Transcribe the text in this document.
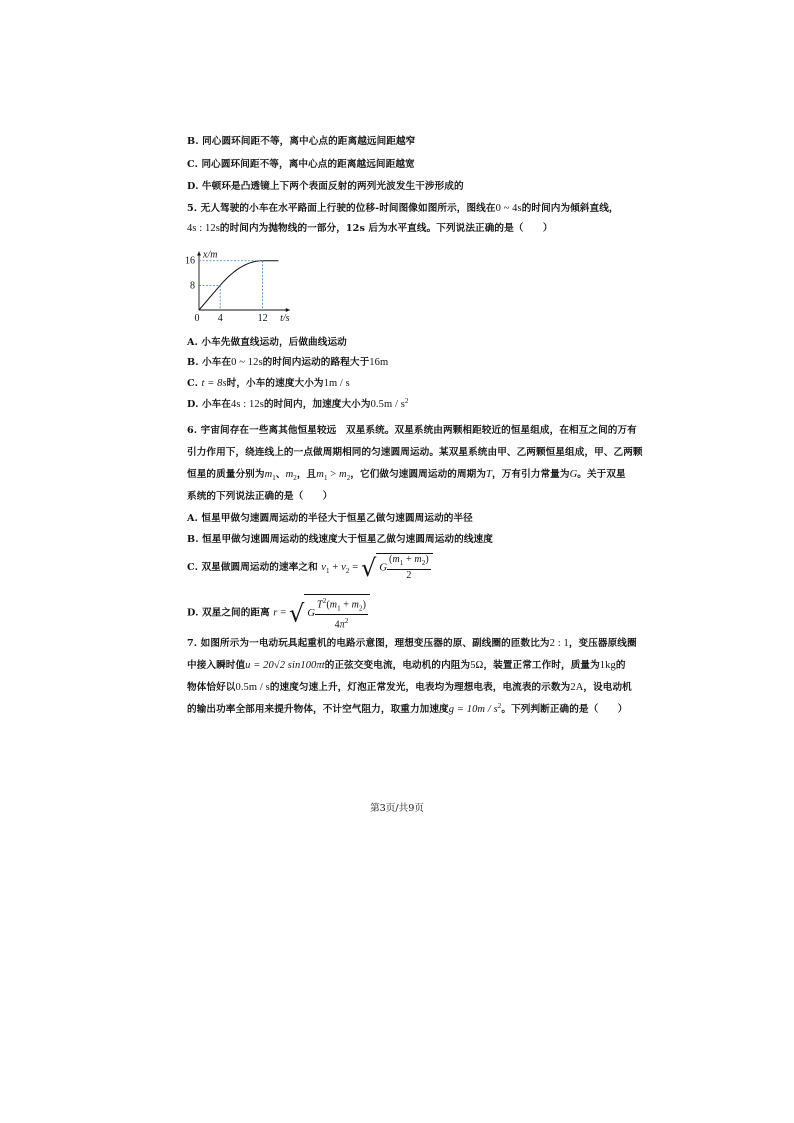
B. 同心圆环间距不等，离中心点的距离越远间距越窄
C. 同心圆环间距不等，离中心点的距离越远间距越宽
D. 牛顿环是凸透镜上下两个表面反射的两列光波发生干涉形成的
5. 无人驾驶的小车在水平路面上行驶的位移-时间图像如图所示，图线在0 ~ 4s的时间内为倾斜直线，
4s : 12s的时间内为抛物线的一部分，12s 后为水平直线。下列说法正确的是（　　）
0 4	12
8
16
t/s
x/m
A. 小车先做直线运动，后做曲线运动
B. 小车在0 ~ 12s的时间内运动的路程大于16m
C. t = 8s时，小车的速度大小为1m / s
D. 小车在4s : 12s的时间内，加速度大小为$0.5m / s^2$
6. 宇宙间存在一些离其他恒星较远　双星系统。双星系统由两颗相距较近的恒星组成，在相互之间的万有
引力作用下，绕连线上的一点做周期相同的匀速圆周运动。某双星系统由甲、乙两颗恒星组成，甲、乙两颗
恒星的质量分别为$m_1$、$m_2$，且$m_1 > m_2$，它们做匀速圆周运动的周期为T，万有引力常量为G。关于双星
系统的下列说法正确的是（　　）
A. 恒星甲做匀速圆周运动的半径大于恒星乙做匀速圆周运动的半径
B. 恒星甲做匀速圆周运动的线速度大于恒星乙做匀速圆周运动的线速度
C. 双星做圆周运动的速率之和 $v_1 + v_2$ = √ G $\frac{(m_1 + m_2)}{2}$
D. 双星之间的距离 r = √ G $\frac{T^2(m_1 + m_2)}{4\pi^2}$
7. 如图所示为一电动玩具起重机的电路示意图，理想变压器的原、副线圈的匝数比为2 : 1，变压器原线圈
中接入瞬时值u = 20√2 sin100πt的正弦交变电流，电动机的内阻为5Ω，装置正常工作时，质量为1kg的
物体恰好以0.5m / s的速度匀速上升，灯泡正常发光，电表均为理想电表，电流表的示数为2A，设电动机
的输出功率全部用来提升物体，不计空气阻力，取重力加速度$g = 10m / s^2$。下列判断正确的是（　　）
第3页/共9页
